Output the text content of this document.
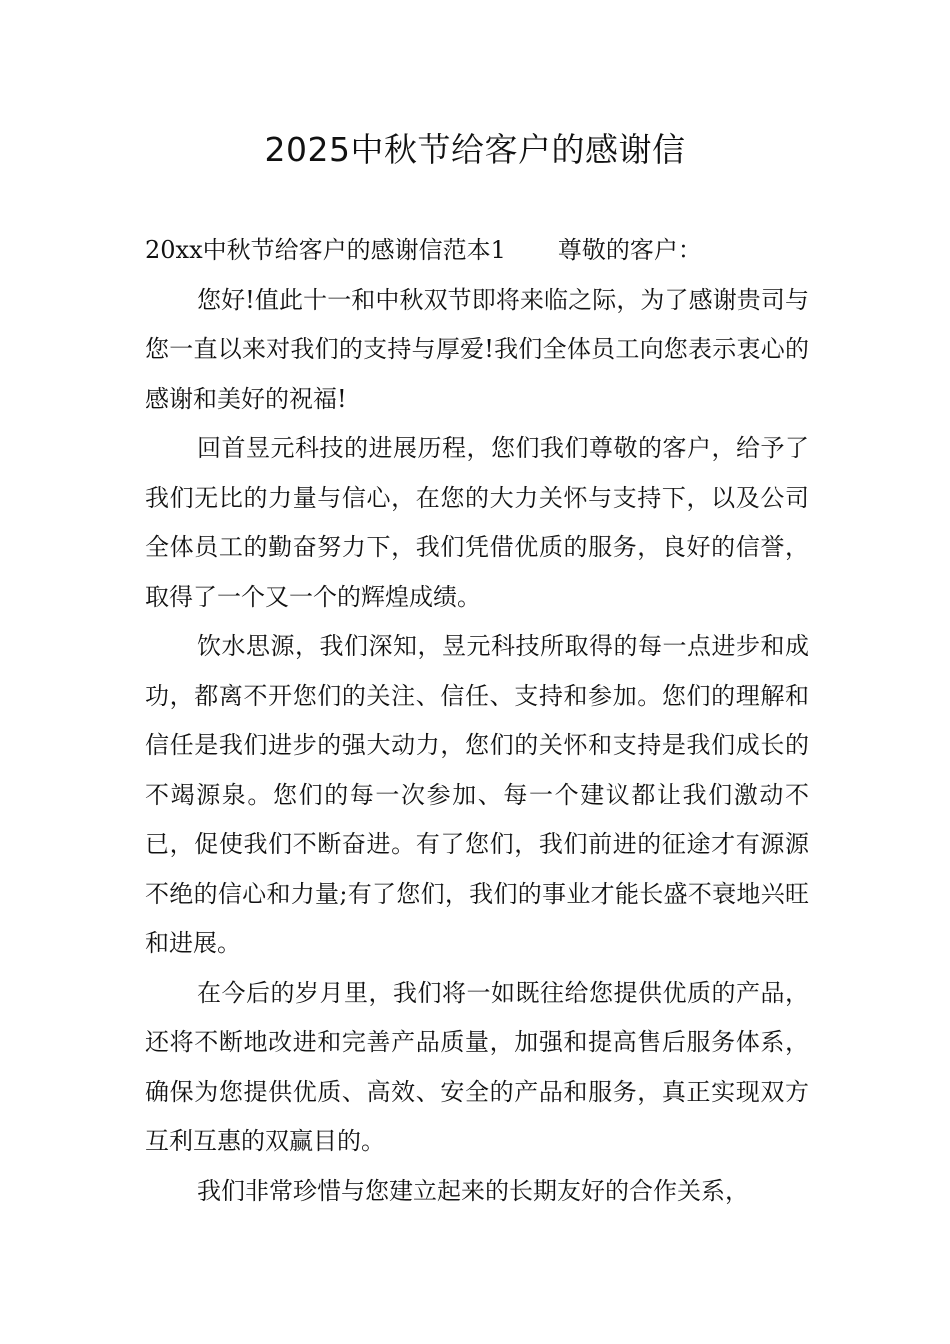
2025中秋节给客户的感谢信

20xx中秋节给客户的感谢信范本1 尊敬的客户：

您好!值此十一和中秋双节即将来临之际，为了感谢贵司与您一直以来对我们的支持与厚爱!我们全体员工向您表示衷心的感谢和美好的祝福!

回首昱元科技的进展历程，您们我们尊敬的客户，给予了我们无比的力量与信心，在您的大力关怀与支持下，以及公司全体员工的勤奋努力下，我们凭借优质的服务，良好的信誉，取得了一个又一个的辉煌成绩。

饮水思源，我们深知，昱元科技所取得的每一点进步和成功，都离不开您们的关注、信任、支持和参加。您们的理解和信任是我们进步的强大动力，您们的关怀和支持是我们成长的不竭源泉。您们的每一次参加、每一个建议都让我们激动不已，促使我们不断奋进。有了您们，我们前进的征途才有源源不绝的信心和力量;有了您们，我们的事业才能长盛不衰地兴旺和进展。

在今后的岁月里，我们将一如既往给您提供优质的产品，还将不断地改进和完善产品质量，加强和提高售后服务体系，确保为您提供优质、高效、安全的产品和服务，真正实现双方互利互惠的双赢目的。

我们非常珍惜与您建立起来的长期友好的合作关系，
